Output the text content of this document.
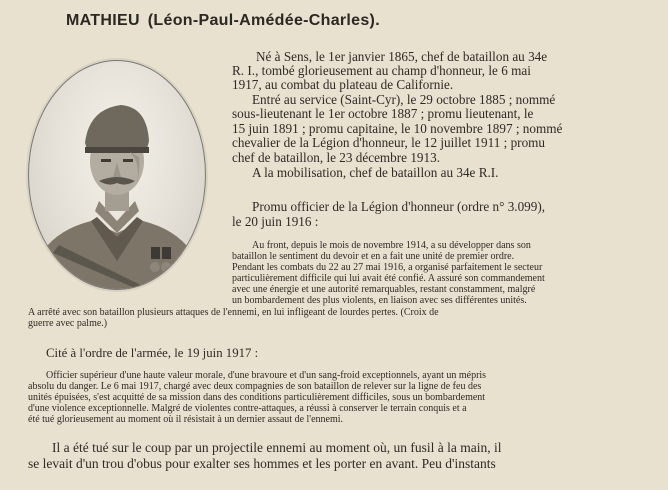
MATHIEU (Léon-Paul-Amédée-Charles).
Né à Sens, le 1er janvier 1865, chef de bataillon au 34e
R. I., tombé glorieusement au champ d'honneur, le 6 mai
1917, au combat du plateau de Californie.
Entré au service (Saint-Cyr), le 29 octobre 1885 ; nommé
sous-lieutenant le 1er octobre 1887 ; promu lieutenant, le
15 juin 1891 ; promu capitaine, le 10 novembre 1897 ; nommé
chevalier de la Légion d'honneur, le 12 juillet 1911 ; promu
chef de bataillon, le 23 décembre 1913.
A la mobilisation, chef de bataillon au 34e R.I.
Promu officier de la Légion d'honneur (ordre n° 3.099),
le 20 juin 1916 :
Au front, depuis le mois de novembre 1914, a su développer dans son
bataillon le sentiment du devoir et en a fait une unité de premier ordre.
Pendant les combats du 22 au 27 mai 1916, a organisé parfaitement le secteur
particulièrement difficile qui lui avait été confié. A assuré son commandement
avec une énergie et une autorité remarquables, restant constamment, malgré
un bombardement des plus violents, en liaison avec ses différentes unités.
A arrêté avec son bataillon plusieurs attaques de l'ennemi, en lui infligeant de lourdes pertes. (Croix de
guerre avec palme.)
Cité à l'ordre de l'armée, le 19 juin 1917 :
Officier supérieur d'une haute valeur morale, d'une bravoure et d'un sang-froid exceptionnels, ayant un mépris
absolu du danger. Le 6 mai 1917, chargé avec deux compagnies de son bataillon de relever sur la ligne de feu des
unités épuisées, s'est acquitté de sa mission dans des conditions particulièrement difficiles, sous un bombardement
d'une violence exceptionnelle. Malgré de violentes contre-attaques, a réussi à conserver le terrain conquis et a
été tué glorieusement au moment où il résistait à un dernier assaut de l'ennemi.
Il a été tué sur le coup par un projectile ennemi au moment où, un fusil à la main, il
se levait d'un trou d'obus pour exalter ses hommes et les porter en avant. Peu d'instants
